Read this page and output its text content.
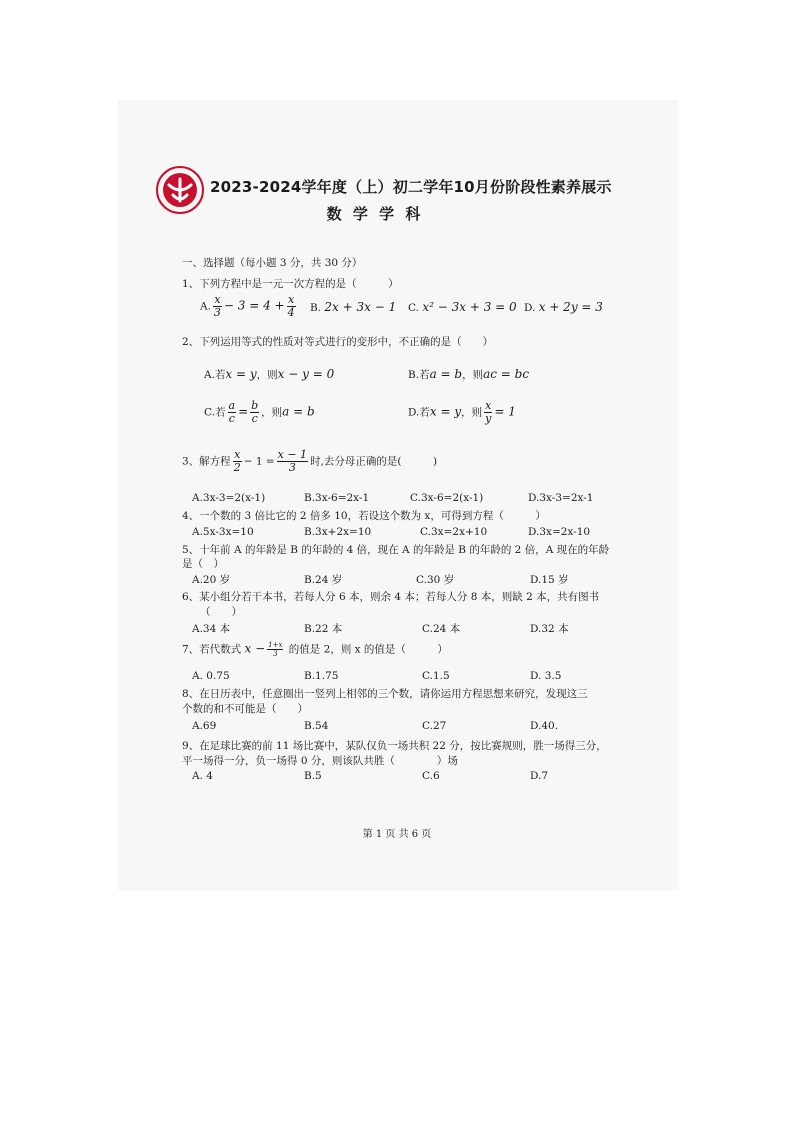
2023-2024学年度（上）初二学年10月份阶段性素养展示
数 学 学 科
一、选择题（每小题 3 分，共 30 分）
1、下列方程中是一元一次方程的是（　　　）
A. $\frac{x}{3} - 3 = 4 + \frac{x}{4} B$. 2x + 3x − 1 C. x² − 3x + 3 = 0 D. x + 2y = 3
2、下列运用等式的性质对等式进行的变形中，不正确的是（　　）
A.若x = y，则x − y = 0	B.若a = b，则ac = bc
C.若 $\frac{a}{c} = \frac{b}{c}$ ，则a = b	D.若x = y，则 $\frac{x}{y} = 1$
3、解方程 $\frac{x}{2} - 1 = \frac{x - 1}{3}$ 时,去分母正确的是(　　　)
A.3x-3=2(x-1)	B.3x-6=2x-1	C.3x-6=2(x-1)	D.3x-3=2x-1
4、一个数的 3 倍比它的 2 倍多 10，若设这个数为 x，可得到方程（　　　）
A.5x-3x=10	B.3x+2x=10	C.3x=2x+10	D.3x=2x-10
5、十年前 A 的年龄是 B 的年龄的 4 倍，现在 A 的年龄是 B 的年龄的 2 倍，A 现在的年龄
是（　）
A.20 岁	B.24 岁	C.30 岁	D.15 岁
6、某小组分若干本书，若每人分 6 本，则余 4 本；若每人分 8 本，则缺 2 本，共有图书
（　　）
A.34 本	B.22 本	C.24 本	D.32 本
7、若代数式 $x - \frac{1+x}{3}$ 的值是 2，则 x 的值是（　　　）
A. 0.75	B.1.75	C.1.5	D. 3.5
8、在日历表中，任意圈出一竖列上相邻的三个数，请你运用方程思想来研究，发现这三
个数的和不可能是（　　）
A.69	B.54	C.27	D.40.
9、在足球比赛的前 11 场比赛中，某队仅负一场共积 22 分，按比赛规则，胜一场得三分，
平一场得一分，负一场得 0 分，则该队共胜（　　　　）场
A. 4	B.5	C.6	D.7
第 1 页 共 6 页
